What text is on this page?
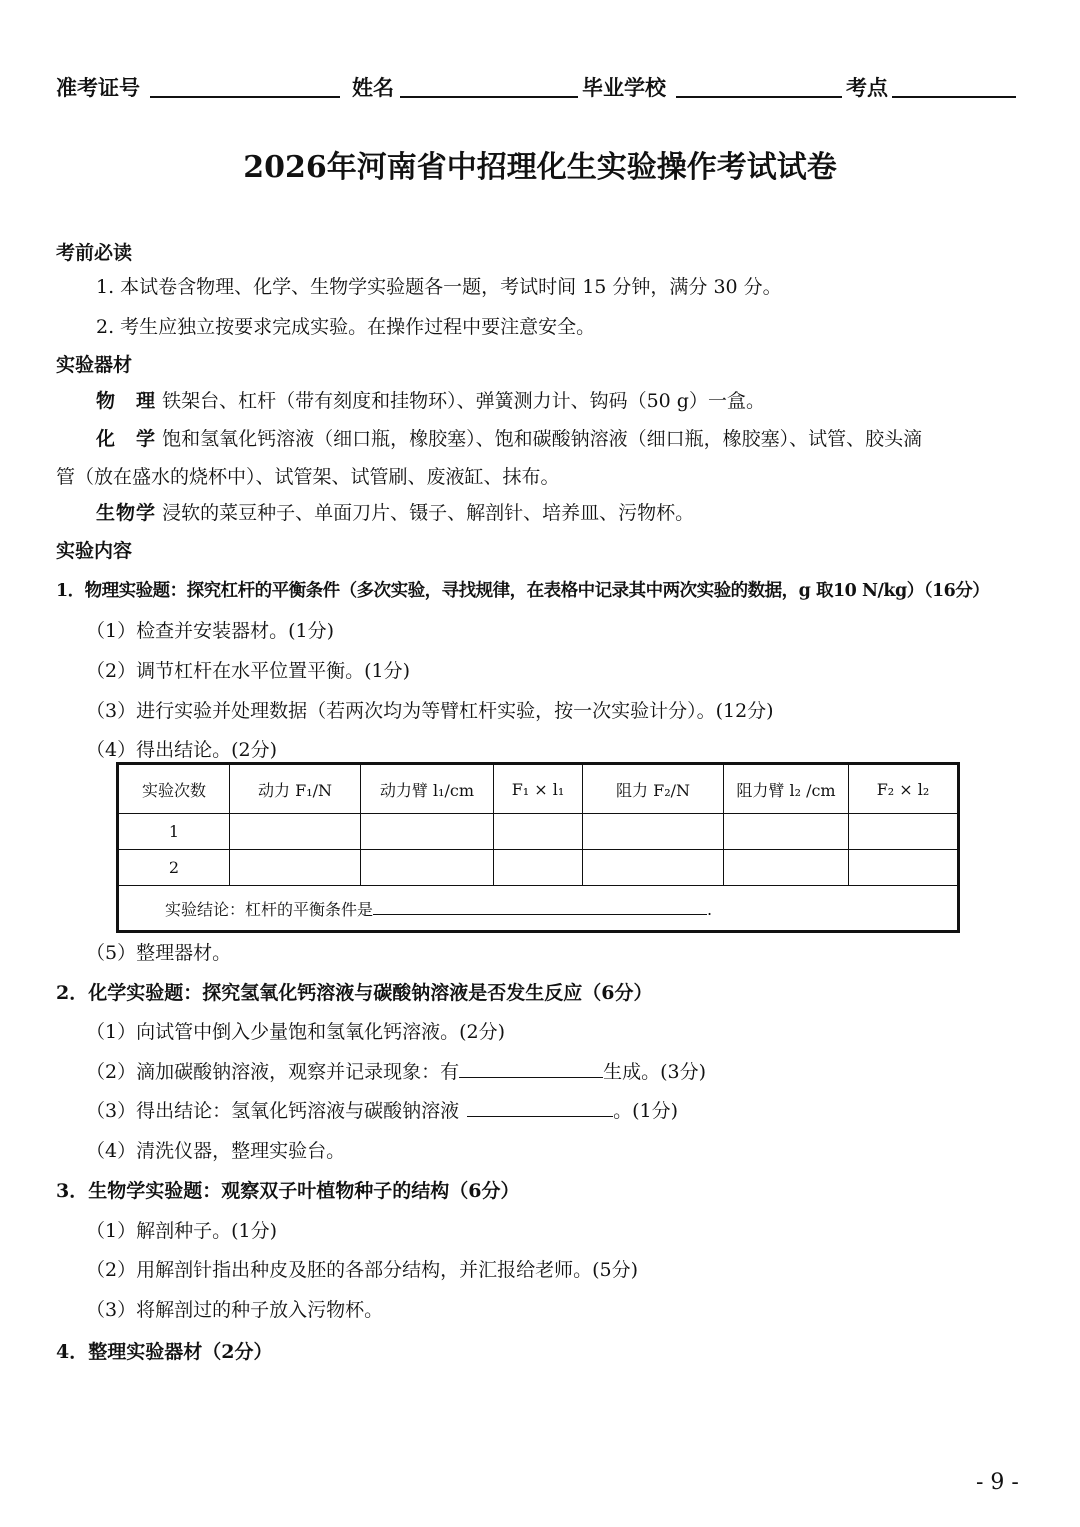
准考证号	姓名	毕业学校	考点
2026年河南省中招理化生实验操作考试试卷
考前必读
1. 本试卷含物理、化学、生物学实验题各一题，考试时间 15 分钟，满分 30 分。
2. 考生应独立按要求完成实验。在操作过程中要注意安全。
实验器材
物　理 铁架台、杠杆（带有刻度和挂物环）、弹簧测力计、钩码（50 g）一盒。
化　学 饱和氢氧化钙溶液（细口瓶，橡胶塞）、饱和碳酸钠溶液（细口瓶，橡胶塞）、试管、胶头滴
管（放在盛水的烧杯中）、试管架、试管刷、废液缸、抹布。
生物学 浸软的菜豆种子、单面刀片、镊子、解剖针、培养皿、污物杯。
实验内容
1．物理实验题：探究杠杆的平衡条件（多次实验，寻找规律，在表格中记录其中两次实验的数据，g 取10 N/kg）（16分）
（1）检查并安装器材。(1分)
（2）调节杠杆在水平位置平衡。(1分)
（3）进行实验并处理数据（若两次均为等臂杠杆实验，按一次实验计分）。(12分)
（4）得出结论。(2分)
实验次数	动力 F₁/N	动力臂 l₁/cm	F₁ × l₁	阻力 F₂/N	阻力臂 l₂ /cm	F₂ × l₂
1						
2						
实验结论：杠杆的平衡条件是 .						
（5）整理器材。
2．化学实验题：探究氢氧化钙溶液与碳酸钠溶液是否发生反应（6分）
（1）向试管中倒入少量饱和氢氧化钙溶液。(2分)
（2）滴加碳酸钠溶液，观察并记录现象：有	生成。(3分)
（3）得出结论：氢氧化钙溶液与碳酸钠溶液	。(1分)
（4）清洗仪器，整理实验台。
3．生物学实验题：观察双子叶植物种子的结构（6分）
（1）解剖种子。(1分)
（2）用解剖针指出种皮及胚的各部分结构，并汇报给老师。(5分)
（3）将解剖过的种子放入污物杯。
4．整理实验器材（2分）
- 9 -
